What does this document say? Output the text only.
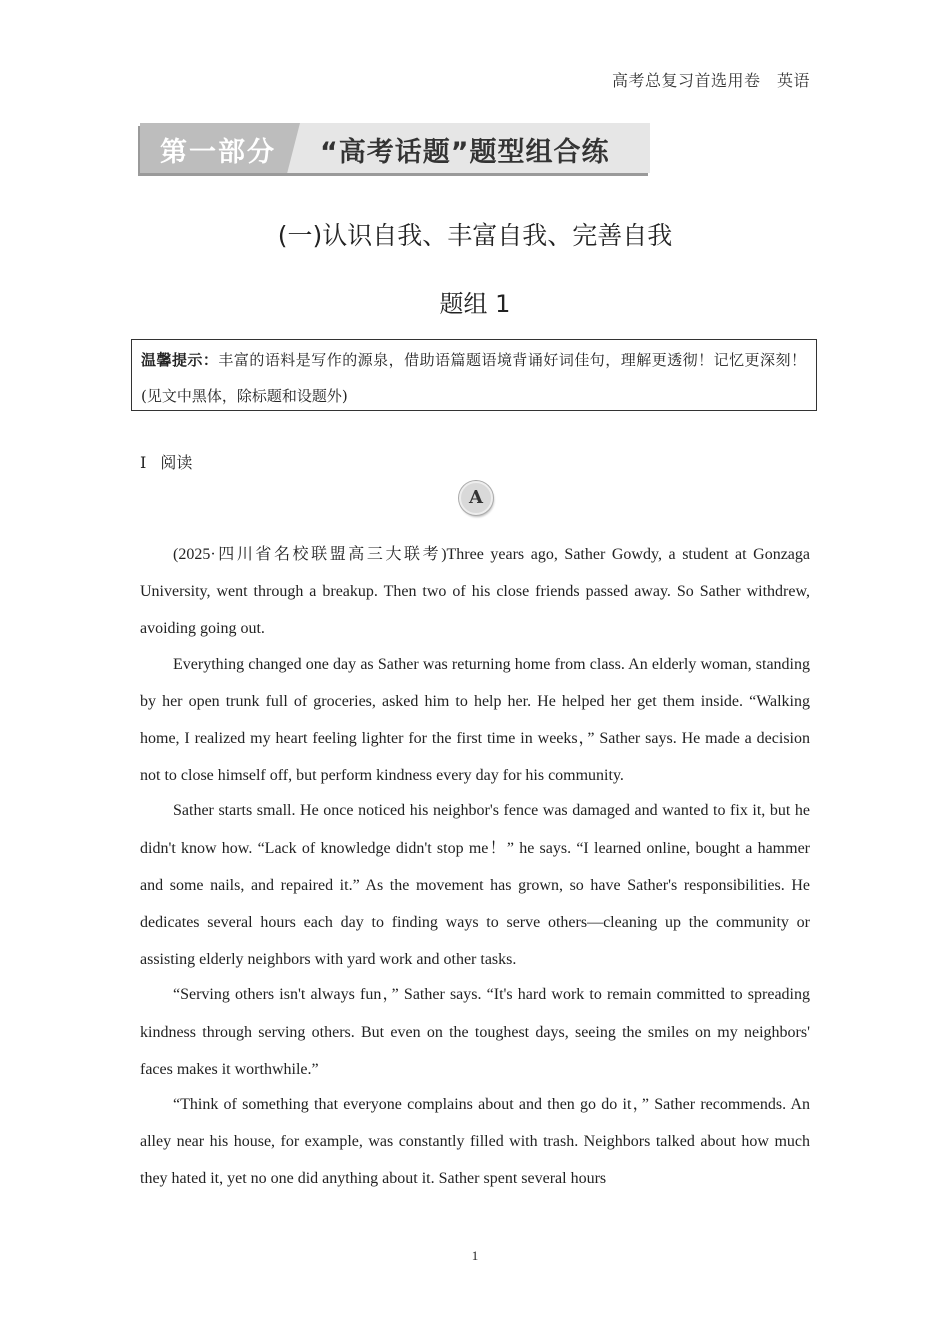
高考总复习首选用卷　英语
第一部分 “高考话题”题型组合练
(一)认识自我、丰富自我、完善自我
题组 1
温馨提示：丰富的语料是写作的源泉，借助语篇题语境背诵好词佳句，理解更透彻！记忆更深刻！(见文中黑体，除标题和设题外)
Ⅰ 阅读
A

(2025·四川省名校联盟高三大联考)Three years ago, Sather Gowdy, a student at Gonzaga University, went through a breakup. Then two of his close friends passed away. So Sather withdrew, avoiding going out.

Everything changed one day as Sather was returning home from class. An elderly woman, standing by her open trunk full of groceries, asked him to help her. He helped her get them inside. “Walking home, I realized my heart feeling lighter for the first time in weeks，” Sather says. He made a decision not to close himself off, but perform kindness every day for his community.

Sather starts small. He once noticed his neighbor's fence was damaged and wanted to fix it, but he didn't know how. “Lack of knowledge didn't stop me！” he says. “I learned online, bought a hammer and some nails, and repaired it.” As the movement has grown, so have Sather's responsibilities. He dedicates several hours each day to finding ways to serve others—cleaning up the community or assisting elderly neighbors with yard work and other tasks.

“Serving others isn't always fun，” Sather says. “It's hard work to remain committed to spreading kindness through serving others. But even on the toughest days, seeing the smiles on my neighbors' faces makes it worthwhile.”

“Think of something that everyone complains about and then go do it，” Sather recommends. An alley near his house, for example, was constantly filled with trash. Neighbors talked about how much they hated it, yet no one did anything about it. Sather spent several hours

1
